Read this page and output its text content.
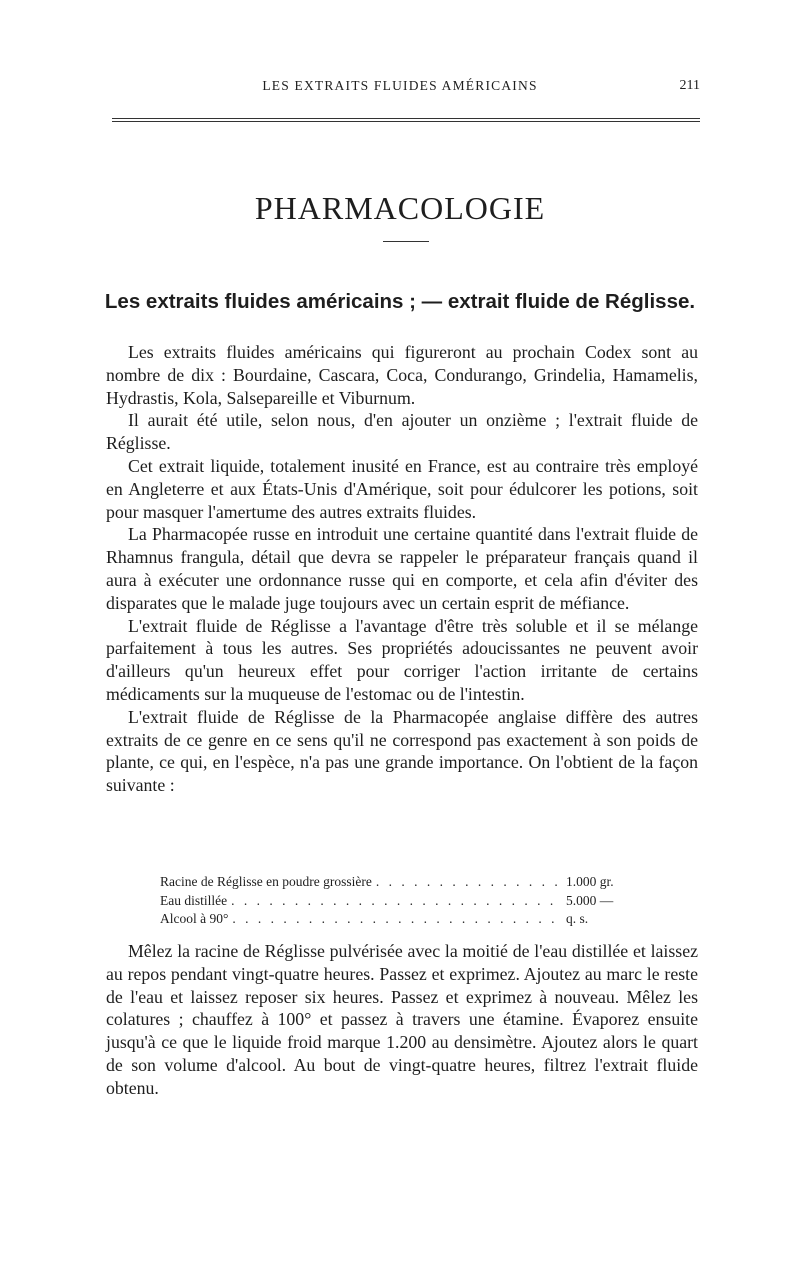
LES EXTRAITS FLUIDES AMÉRICAINS	211
PHARMACOLOGIE
Les extraits fluides américains ; — extrait fluide de Réglisse.

Les extraits fluides américains qui figureront au prochain Codex sont au nombre de dix : Bourdaine, Cascara, Coca, Condurango, Grindelia, Hamamelis, Hydrastis, Kola, Salsepareille et Viburnum.

Il aurait été utile, selon nous, d'en ajouter un onzième ; l'extrait fluide de Réglisse.

Cet extrait liquide, totalement inusité en France, est au contraire très employé en Angleterre et aux États-Unis d'Amérique, soit pour édulcorer les potions, soit pour masquer l'amertume des autres extraits fluides.

La Pharmacopée russe en introduit une certaine quantité dans l'extrait fluide de Rhamnus frangula, détail que devra se rappeler le préparateur français quand il aura à exécuter une ordonnance russe qui en comporte, et cela afin d'éviter des disparates que le malade juge toujours avec un certain esprit de méfiance.

L'extrait fluide de Réglisse a l'avantage d'être très soluble et il se mélange parfaitement à tous les autres. Ses propriétés adoucissantes ne peuvent avoir d'ailleurs qu'un heureux effet pour corriger l'action irritante de certains médicaments sur la muqueuse de l'estomac ou de l'intestin.

L'extrait fluide de Réglisse de la Pharmacopée anglaise diffère des autres extraits de ce genre en ce sens qu'il ne correspond pas exactement à son poids de plante, ce qui, en l'espèce, n'a pas une grande importance. On l'obtient de la façon suivante :

Racine de Réglisse en poudre grossière . . .	1.000 gr.
Eau distillée . . .	5.000 —
Alcool à 90° . . .	q. s.

Mêlez la racine de Réglisse pulvérisée avec la moitié de l'eau distillée et laissez au repos pendant vingt-quatre heures. Passez et exprimez. Ajoutez au marc le reste de l'eau et laissez reposer six heures. Passez et exprimez à nouveau. Mêlez les colatures ; chauffez à 100° et passez à travers une étamine. Évaporez ensuite jusqu'à ce que le liquide froid marque 1.200 au densimètre. Ajoutez alors le quart de son volume d'alcool. Au bout de vingt-quatre heures, filtrez l'extrait fluide obtenu.
